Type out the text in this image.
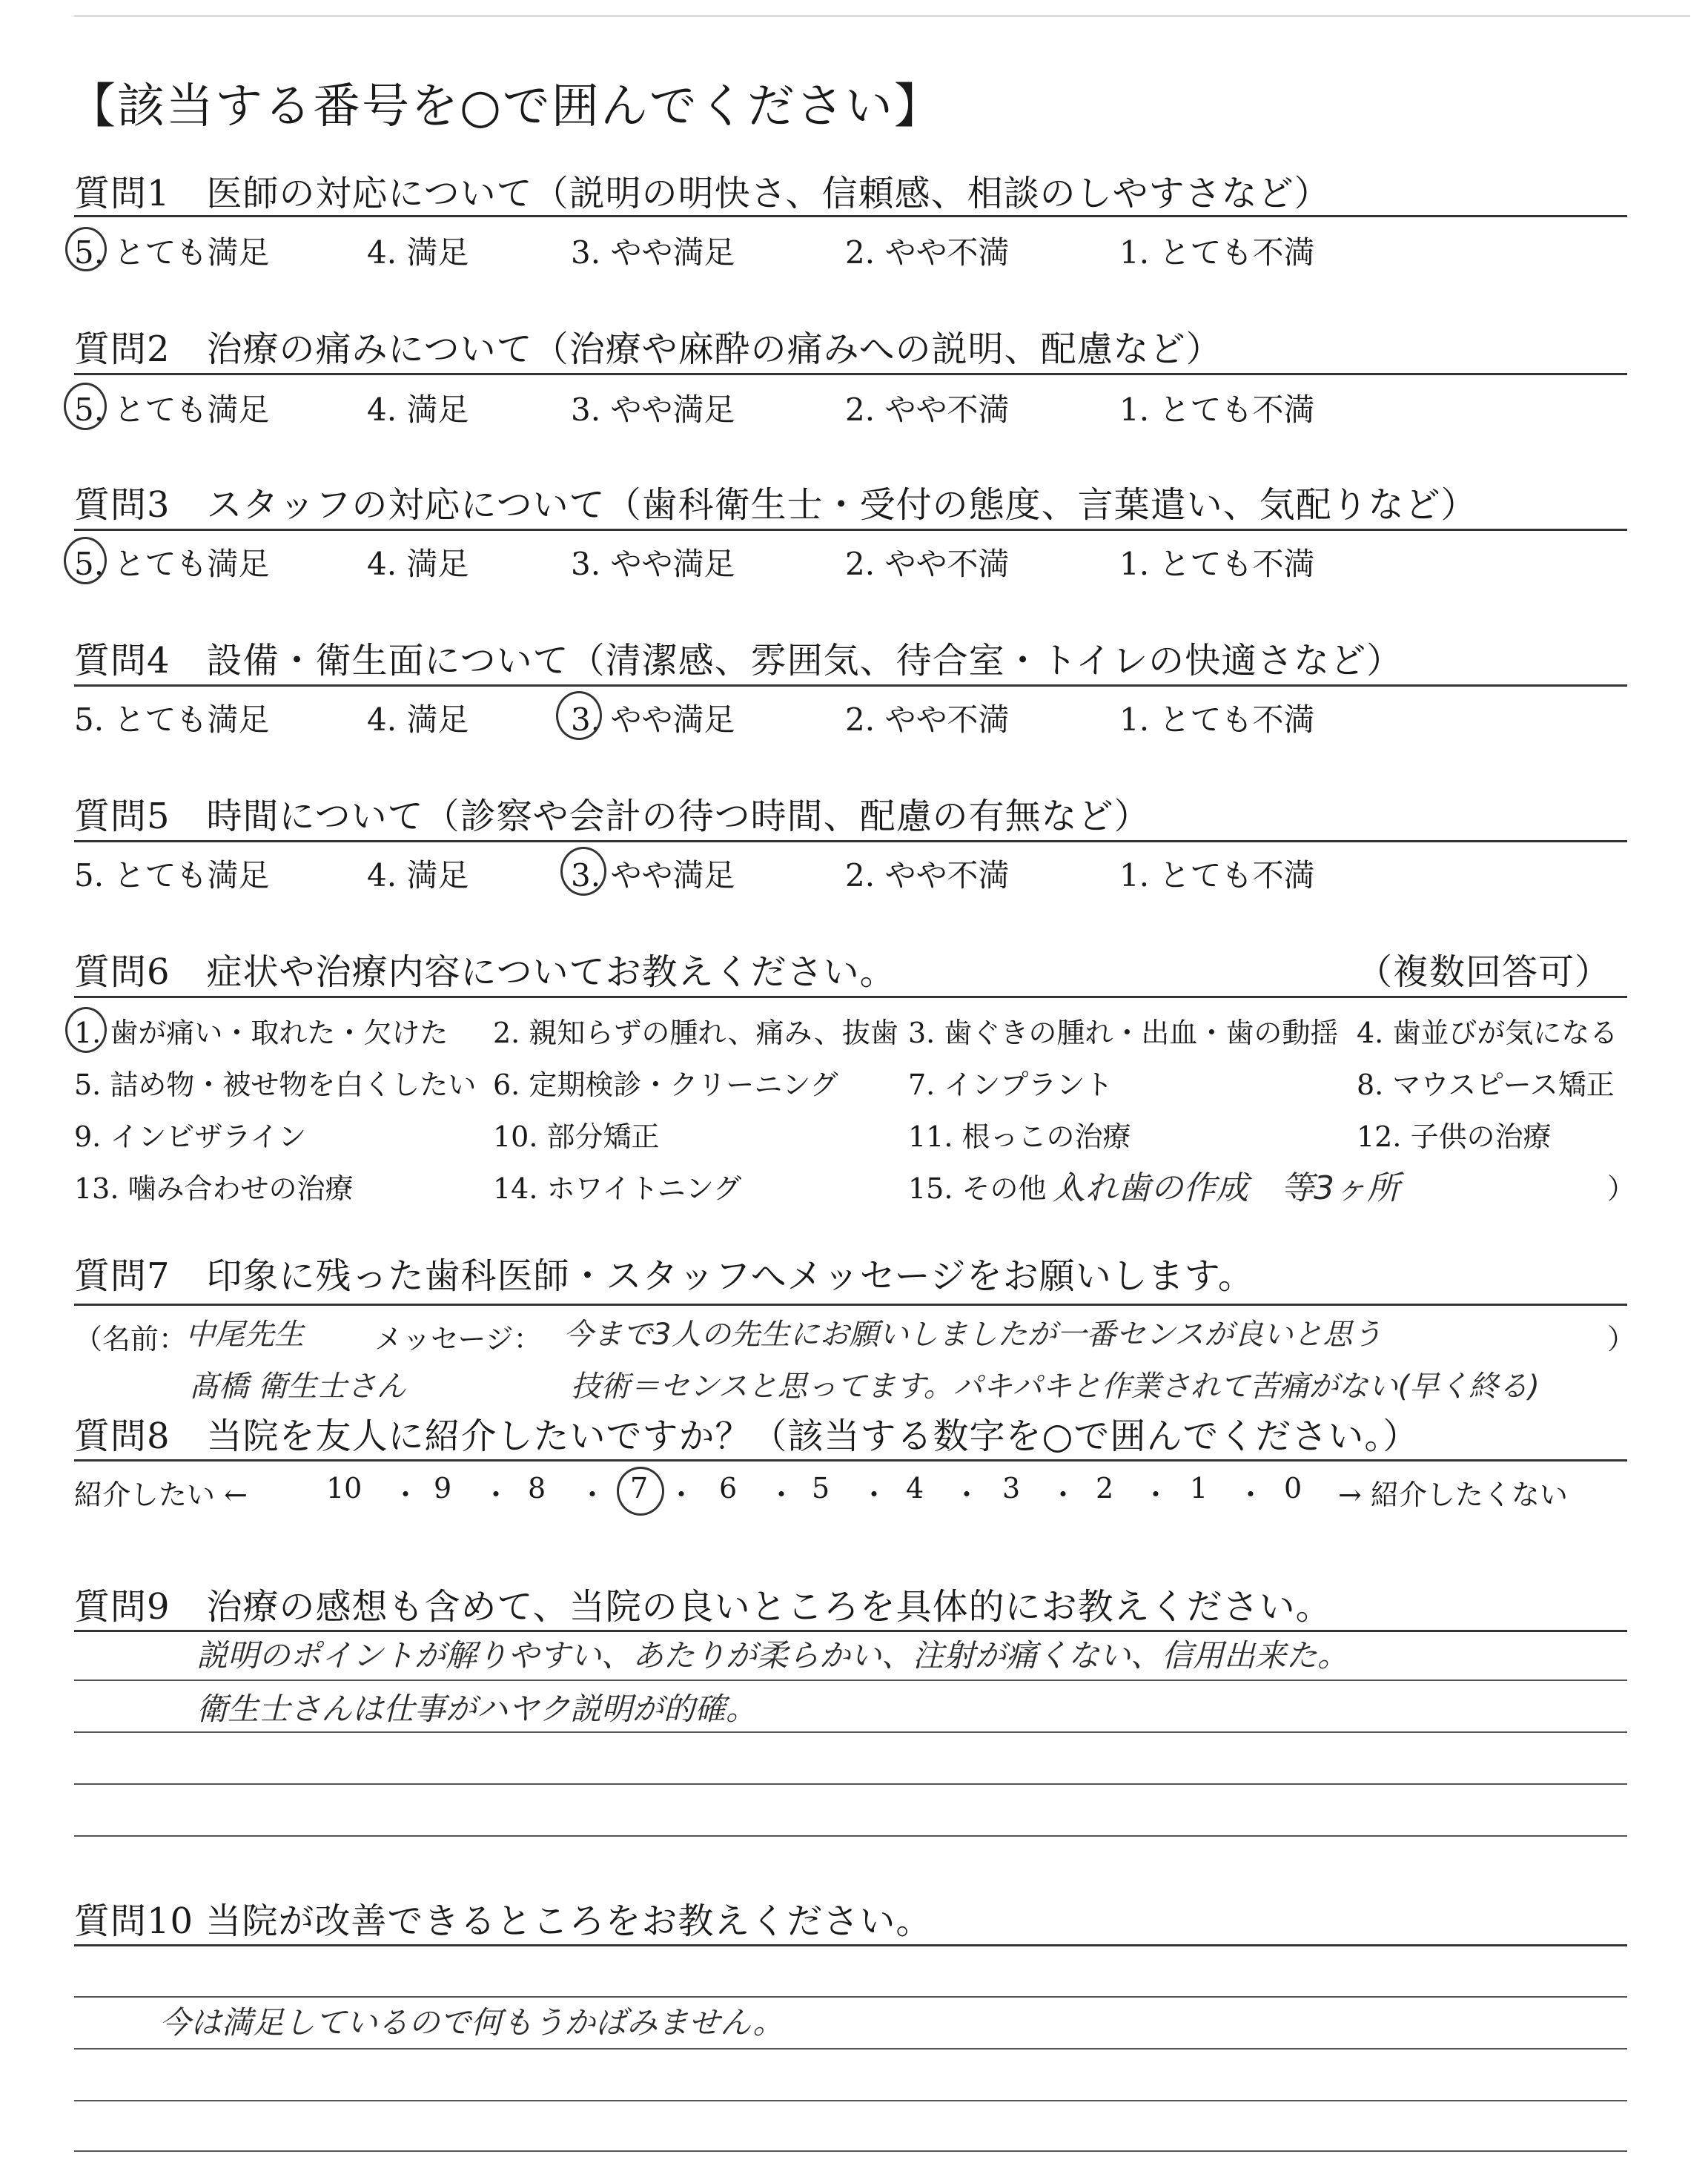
【該当する番号を○で囲んでください】
質問1　医師の対応について（説明の明快さ、信頼感、相談のしやすさなど）
5. とても満足	4. 満足	3. やや満足	2. やや不満	1. とても不満
質問2　治療の痛みについて（治療や麻酔の痛みへの説明、配慮など）
5. とても満足	4. 満足	3. やや満足	2. やや不満	1. とても不満
質問3　スタッフの対応について（歯科衛生士・受付の態度、言葉遣い、気配りなど）
5. とても満足	4. 満足	3. やや満足	2. やや不満	1. とても不満
質問4　設備・衛生面について（清潔感、雰囲気、待合室・トイレの快適さなど）
5. とても満足	4. 満足	3. やや満足	2. やや不満	1. とても不満
質問5　時間について（診察や会計の待つ時間、配慮の有無など）
5. とても満足	4. 満足	3. やや満足	2. やや不満	1. とても不満
質問6　症状や治療内容についてお教えください。	（複数回答可）
1. 歯が痛い・取れた・欠けた 2. 親知らずの腫れ、痛み、抜歯 3. 歯ぐきの腫れ・出血・歯の動揺 4. 歯並びが気になる
5. 詰め物・被せ物を白くしたい 6. 定期検診・クリーニング 7. インプラント	8. マウスピース矯正
9. インビザライン	10. 部分矯正	11. 根っこの治療	12. 子供の治療
13. 噛み合わせの治療	14. ホワイトニング	15. その他（
入れ歯の作成　等3ヶ所	）
質問7　印象に残った歯科医師・スタッフへメッセージをお願いします。
（名前：
中尾先生	メッセージ： 今まで3人の先生にお願いしましたが一番センスが良いと思う	）
髙橋 衛生士さん	技術＝センスと思ってます。パキパキと作業されて苦痛がない(早く終る)
質問8　当院を友人に紹介したいですか？（該当する数字を○で囲んでください。）
紹介したい ←	→ 紹介したくない
10 ・ 9 ・ 8 ・ 7 ・ 6 ・ 5 ・ 4 ・ 3 ・ 2 ・ 1 ・ 0
質問9　治療の感想も含めて、当院の良いところを具体的にお教えください。
説明のポイントが解りやすい、あたりが柔らかい、注射が痛くない、信用出来た。
衛生士さんは仕事がハヤク説明が的確。
質問10 当院が改善できるところをお教えください。
今は満足しているので何もうかばみません。
